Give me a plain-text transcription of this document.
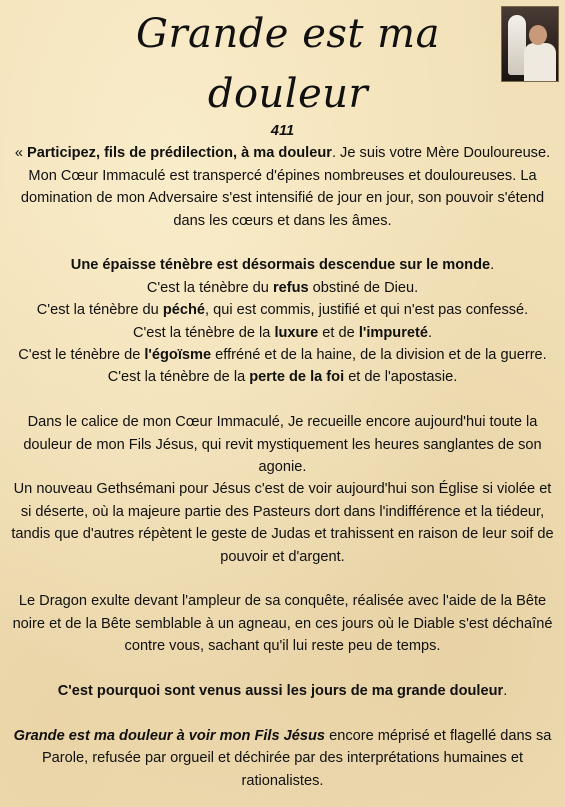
Grande est ma douleur

411

« Participez, fils de prédilection, à ma douleur. Je suis votre Mère Douloureuse. Mon Cœur Immaculé est transpercé d'épines nombreuses et douloureuses. La domination de mon Adversaire s'est intensifié de jour en jour, son pouvoir s'étend dans les cœurs et dans les âmes.

Une épaisse ténèbre est désormais descendue sur le monde.

C'est la ténèbre du refus obstiné de Dieu.

C'est la ténèbre du péché, qui est commis, justifié et qui n'est pas confessé.

C'est la ténèbre de la luxure et de l'impureté.

C'est le ténèbre de l'égoïsme effréné et de la haine, de la division et de la guerre.

C'est la ténèbre de la perte de la foi et de l'apostasie.

Dans le calice de mon Cœur Immaculé, Je recueille encore aujourd'hui toute la douleur de mon Fils Jésus, qui revit mystiquement les heures sanglantes de son agonie.

Un nouveau Gethsémani pour Jésus c'est de voir aujourd'hui son Église si violée et si déserte, où la majeure partie des Pasteurs dort dans l'indifférence et la tiédeur, tandis que d'autres répètent le geste de Judas et trahissent en raison de leur soif de pouvoir et d'argent.

Le Dragon exulte devant l'ampleur de sa conquête, réalisée avec l'aide de la Bête noire et de la Bête semblable à un agneau, en ces jours où le Diable s'est déchaîné contre vous, sachant qu'il lui reste peu de temps.

C'est pourquoi sont venus aussi les jours de ma grande douleur.

Grande est ma douleur à voir mon Fils Jésus encore méprisé et flagellé dans sa Parole, refusée par orgueil et déchirée par des interprétations humaines et rationalistes.
